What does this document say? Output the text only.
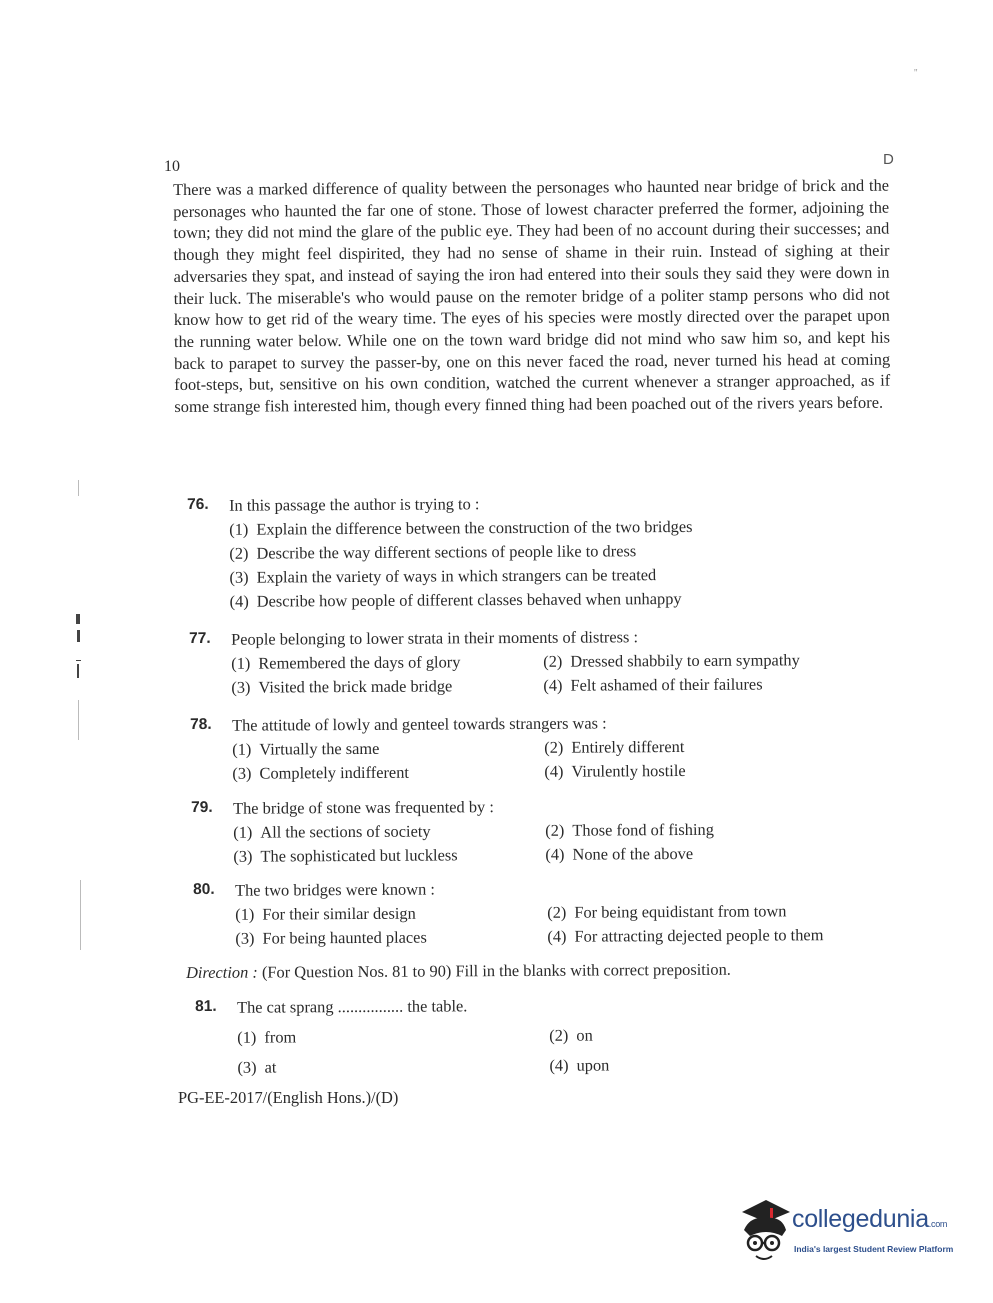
''
10	D
There was a marked difference of quality between the personages who haunted near bridge of brick and the personages who haunted the far one of stone. Those of lowest character preferred the former, adjoining the town; they did not mind the glare of the public eye. They had been of no account during their successes; and though they might feel dispirited, they had no sense of shame in their ruin. Instead of sighing at their adversaries they spat, and instead of saying the iron had entered into their souls they said they were down in their luck. The miserable's who would pause on the remoter bridge of a politer stamp persons who did not know how to get rid of the weary time. The eyes of his species were mostly directed over the parapet upon the running water below. While one on the town ward bridge did not mind who saw him so, and kept his back to parapet to survey the passer-by, one on this never faced the road, never turned his head at coming foot-steps, but, sensitive on his own condition, watched the current whenever a stranger approached, as if some strange fish interested him, though every finned thing had been poached out of the rivers years before.
76. In this passage the author is trying to :
(1) Explain the difference between the construction of the two bridges
(2) Describe the way different sections of people like to dress
(3) Explain the variety of ways in which strangers can be treated
(4) Describe how people of different classes behaved when unhappy
77. People belonging to lower strata in their moments of distress :
(1) Remembered the days of glory	(2) Dressed shabbily to earn sympathy
(3) Visited the brick made bridge	(4) Felt ashamed of their failures
78. The attitude of lowly and genteel towards strangers was :
(1) Virtually the same	(2) Entirely different
(3) Completely indifferent	(4) Virulently hostile
79. The bridge of stone was frequented by :
(1) All the sections of society	(2) Those fond of fishing
(3) The sophisticated but luckless	(4) None of the above
80. The two bridges were known :
(1) For their similar design	(2) For being equidistant from town
(3) For being haunted places	(4) For attracting dejected people to them
Direction : (For Question Nos. 81 to 90) Fill in the blanks with correct preposition.
81. The cat sprang ................ the table.
(1) from	(2) on
(3) at	(4) upon
PG-EE-2017/(English Hons.)/(D)
collegedunia.com
India's largest Student Review Platform
